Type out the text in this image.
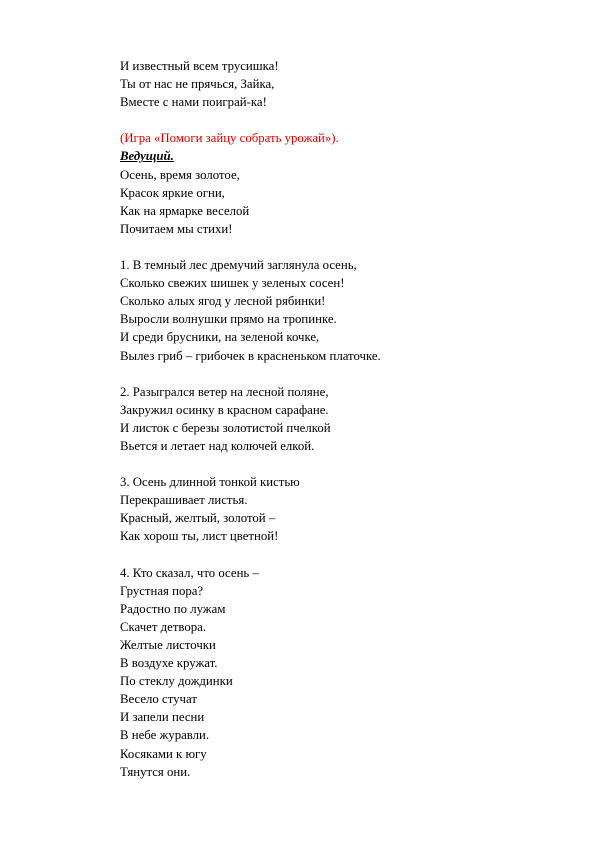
И известный всем трусишка!
Ты от нас не прячься, Зайка,
Вместе с нами поиграй-ка!
(Игра «Помоги зайцу собрать урожай»).
Ведущий.
Осень, время золотое,
Красок яркие огни,
Как на ярмарке веселой
Почитаем мы стихи!
1. В темный лес дремучий заглянула осень,
Сколько свежих шишек у зеленых сосен!
Сколько алых ягод у лесной рябинки!
Выросли волнушки прямо на тропинке.
И среди брусники, на зеленой кочке,
Вылез гриб – грибочек в красненьком платочке.
2. Разыгрался ветер на лесной поляне,
Закружил осинку в красном сарафане.
И листок с березы золотистой пчелкой
Вьется и летает над колючей елкой.
3. Осень длинной тонкой кистью
Перекрашивает листья.
Красный, желтый, золотой –
Как хорош ты, лист цветной!
4. Кто сказал, что осень –
Грустная пора?
Радостно по лужам
Скачет детвора.
Желтые листочки
В воздухе кружат.
По стеклу дождинки
Весело стучат
И запели песни
В небе журавли.
Косяками к югу
Тянутся они.
